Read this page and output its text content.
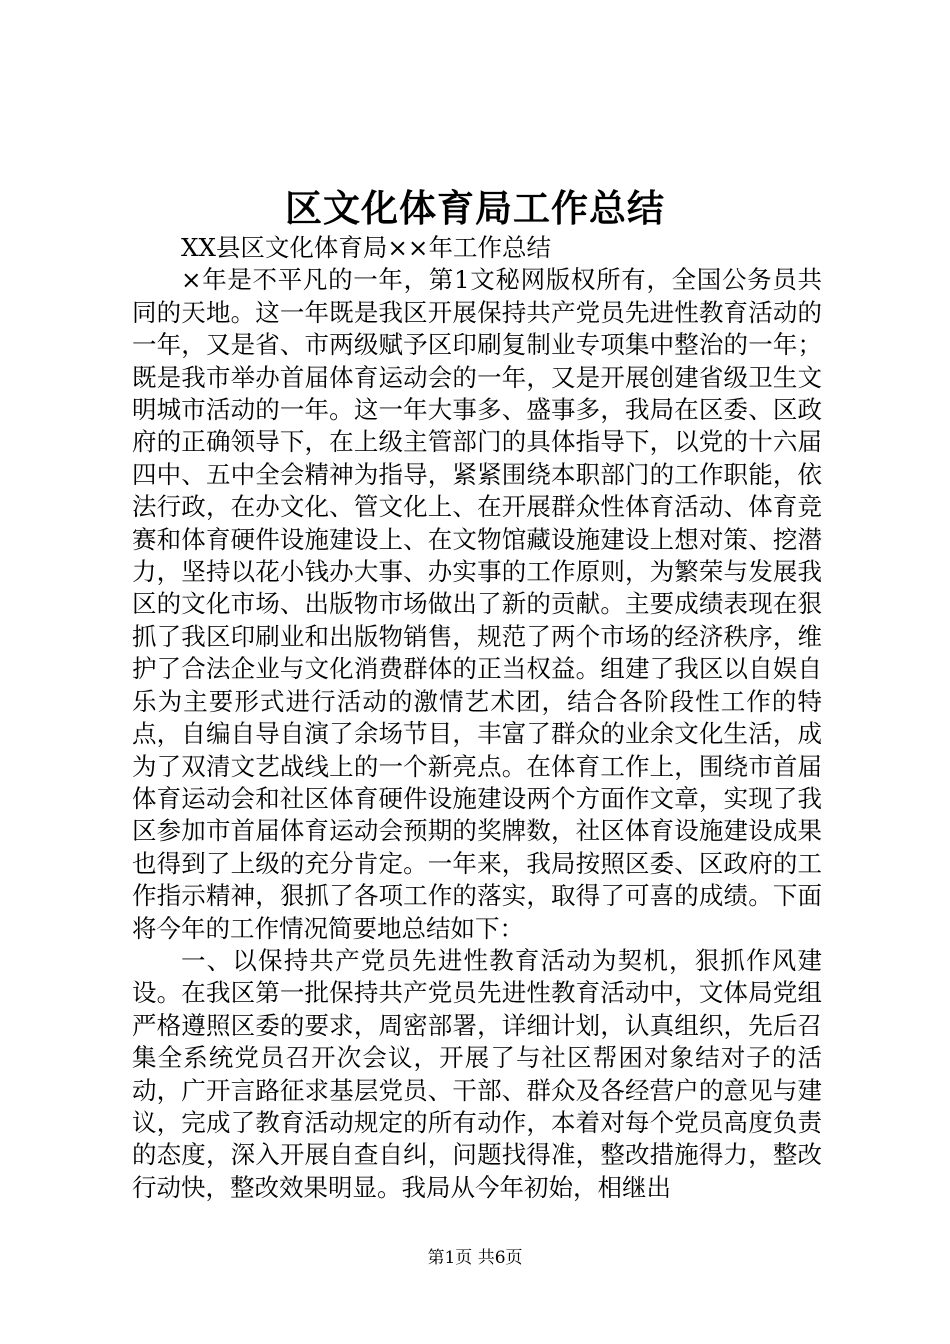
区文化体育局工作总结

XX县区文化体育局××年工作总结

×年是不平凡的一年，第1文秘网版权所有，全国公务员共同的天地。这一年既是我区开展保持共产党员先进性教育活动的一年，又是省、市两级赋予区印刷复制业专项集中整治的一年；既是我市举办首届体育运动会的一年，又是开展创建省级卫生文明城市活动的一年。这一年大事多、盛事多，我局在区委、区政府的正确领导下，在上级主管部门的具体指导下，以党的十六届四中、五中全会精神为指导，紧紧围绕本职部门的工作职能，依法行政，在办文化、管文化上、在开展群众性体育活动、体育竞赛和体育硬件设施建设上、在文物馆藏设施建设上想对策、挖潜力，坚持以花小钱办大事、办实事的工作原则，为繁荣与发展我区的文化市场、出版物市场做出了新的贡献。主要成绩表现在狠抓了我区印刷业和出版物销售，规范了两个市场的经济秩序，维护了合法企业与文化消费群体的正当权益。组建了我区以自娱自乐为主要形式进行活动的激情艺术团，结合各阶段性工作的特点，自编自导自演了余场节目，丰富了群众的业余文化生活，成为了双清文艺战线上的一个新亮点。在体育工作上，围绕市首届体育运动会和社区体育硬件设施建设两个方面作文章，实现了我区参加市首届体育运动会预期的奖牌数，社区体育设施建设成果也得到了上级的充分肯定。一年来，我局按照区委、区政府的工作指示精神，狠抓了各项工作的落实，取得了可喜的成绩。下面将今年的工作情况简要地总结如下：

一、以保持共产党员先进性教育活动为契机，狠抓作风建设。在我区第一批保持共产党员先进性教育活动中，文体局党组严格遵照区委的要求，周密部署，详细计划，认真组织，先后召集全系统党员召开次会议，开展了与社区帮困对象结对子的活动，广开言路征求基层党员、干部、群众及各经营户的意见与建议，完成了教育活动规定的所有动作，本着对每个党员高度负责的态度，深入开展自查自纠，问题找得准，整改措施得力，整改行动快，整改效果明显。我局从今年初始，相继出

第1页 共6页
